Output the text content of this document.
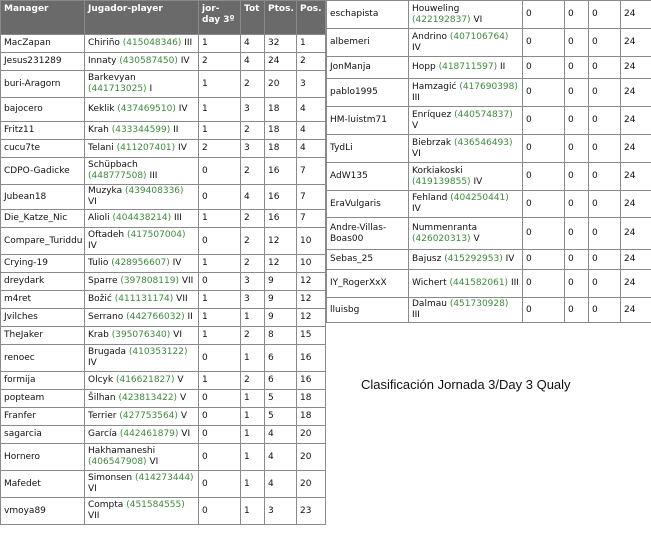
Manager	Jugador-player	jor-day 3º	Tot	Ptos.	Pos.
MacZapan	Chiriño (415048346) III	1	4	32	1
Jesus231289	Innaty (430587450) IV	2	4	24	2
buri-Aragorn	Barkevyan (441713025) I	1	2	20	3
bajocero	Keklik (437469510) IV	1	3	18	4
Fritz11	Krah (433344599) II	1	2	18	4
cucu7te	Telani (411207401) IV	2	3	18	4
CDPO-Gadicke	Schüpbach (448777508) III	0	2	16	7
Jubean18	Muzyka (439408336) VI	0	4	16	7
Die_Katze_Nic	Alioli (404438214) III	1	2	16	7
Compare_Turiddu	Oftadeh (417507004) IV	0	2	12	10
Crying-19	Tulio (428956607) IV	1	2	12	10
dreydark	Sparre (397808119) VII	0	3	9	12
m4ret	Božić (411131174) VII	1	3	9	12
Jvilches	Serrano (442766032) II	1	1	9	12
TheJaker	Krab (395076340) VI	1	2	8	15
renoec	Brugada (410353122) IV	0	1	6	16
formija	Olcyk (416621827) V	1	2	6	16
popteam	Šilhan (423813422) V	0	1	5	18
Franfer	Terrier (427753564) V	0	1	5	18
sagarcia	García (442461879) VI	0	1	4	20
Hornero	Hakhamaneshi (406547908) VI	0	1	4	20
Mafedet	Simonsen (414273444) VI	0	1	4	20
vmoya89	Compta (451584555) VII	0	1	3	23
eschapista	Houweling (422192837) VI	0	0	0	24
albemeri	Andrino (407106764) IV	0	0	0	24
JonManja	Hopp (418711597) II	0	0	0	24
pablo1995	Hamzagić (417690398) III	0	0	0	24
HM-luistm71	Enríquez (440574837) V	0	0	0	24
TydLi	Biebrzak (436546493) VI	0	0	0	24
AdW135	Korkiakoski (419139855) IV	0	0	0	24
EraVulgaris	Fehland (404250441) IV	0	0	0	24
Andre-Villas-Boas00	Nummenranta (426020313) V	0	0	0	24
Sebas_25	Bajusz (415292953) IV	0	0	0	24
IY_RogerXxX	Wichert (441582061) III	0	0	0	24
lluisbg	Dalmau (451730928) III	0	0	0	24
Clasificación Jornada 3/Day 3 Qualy
